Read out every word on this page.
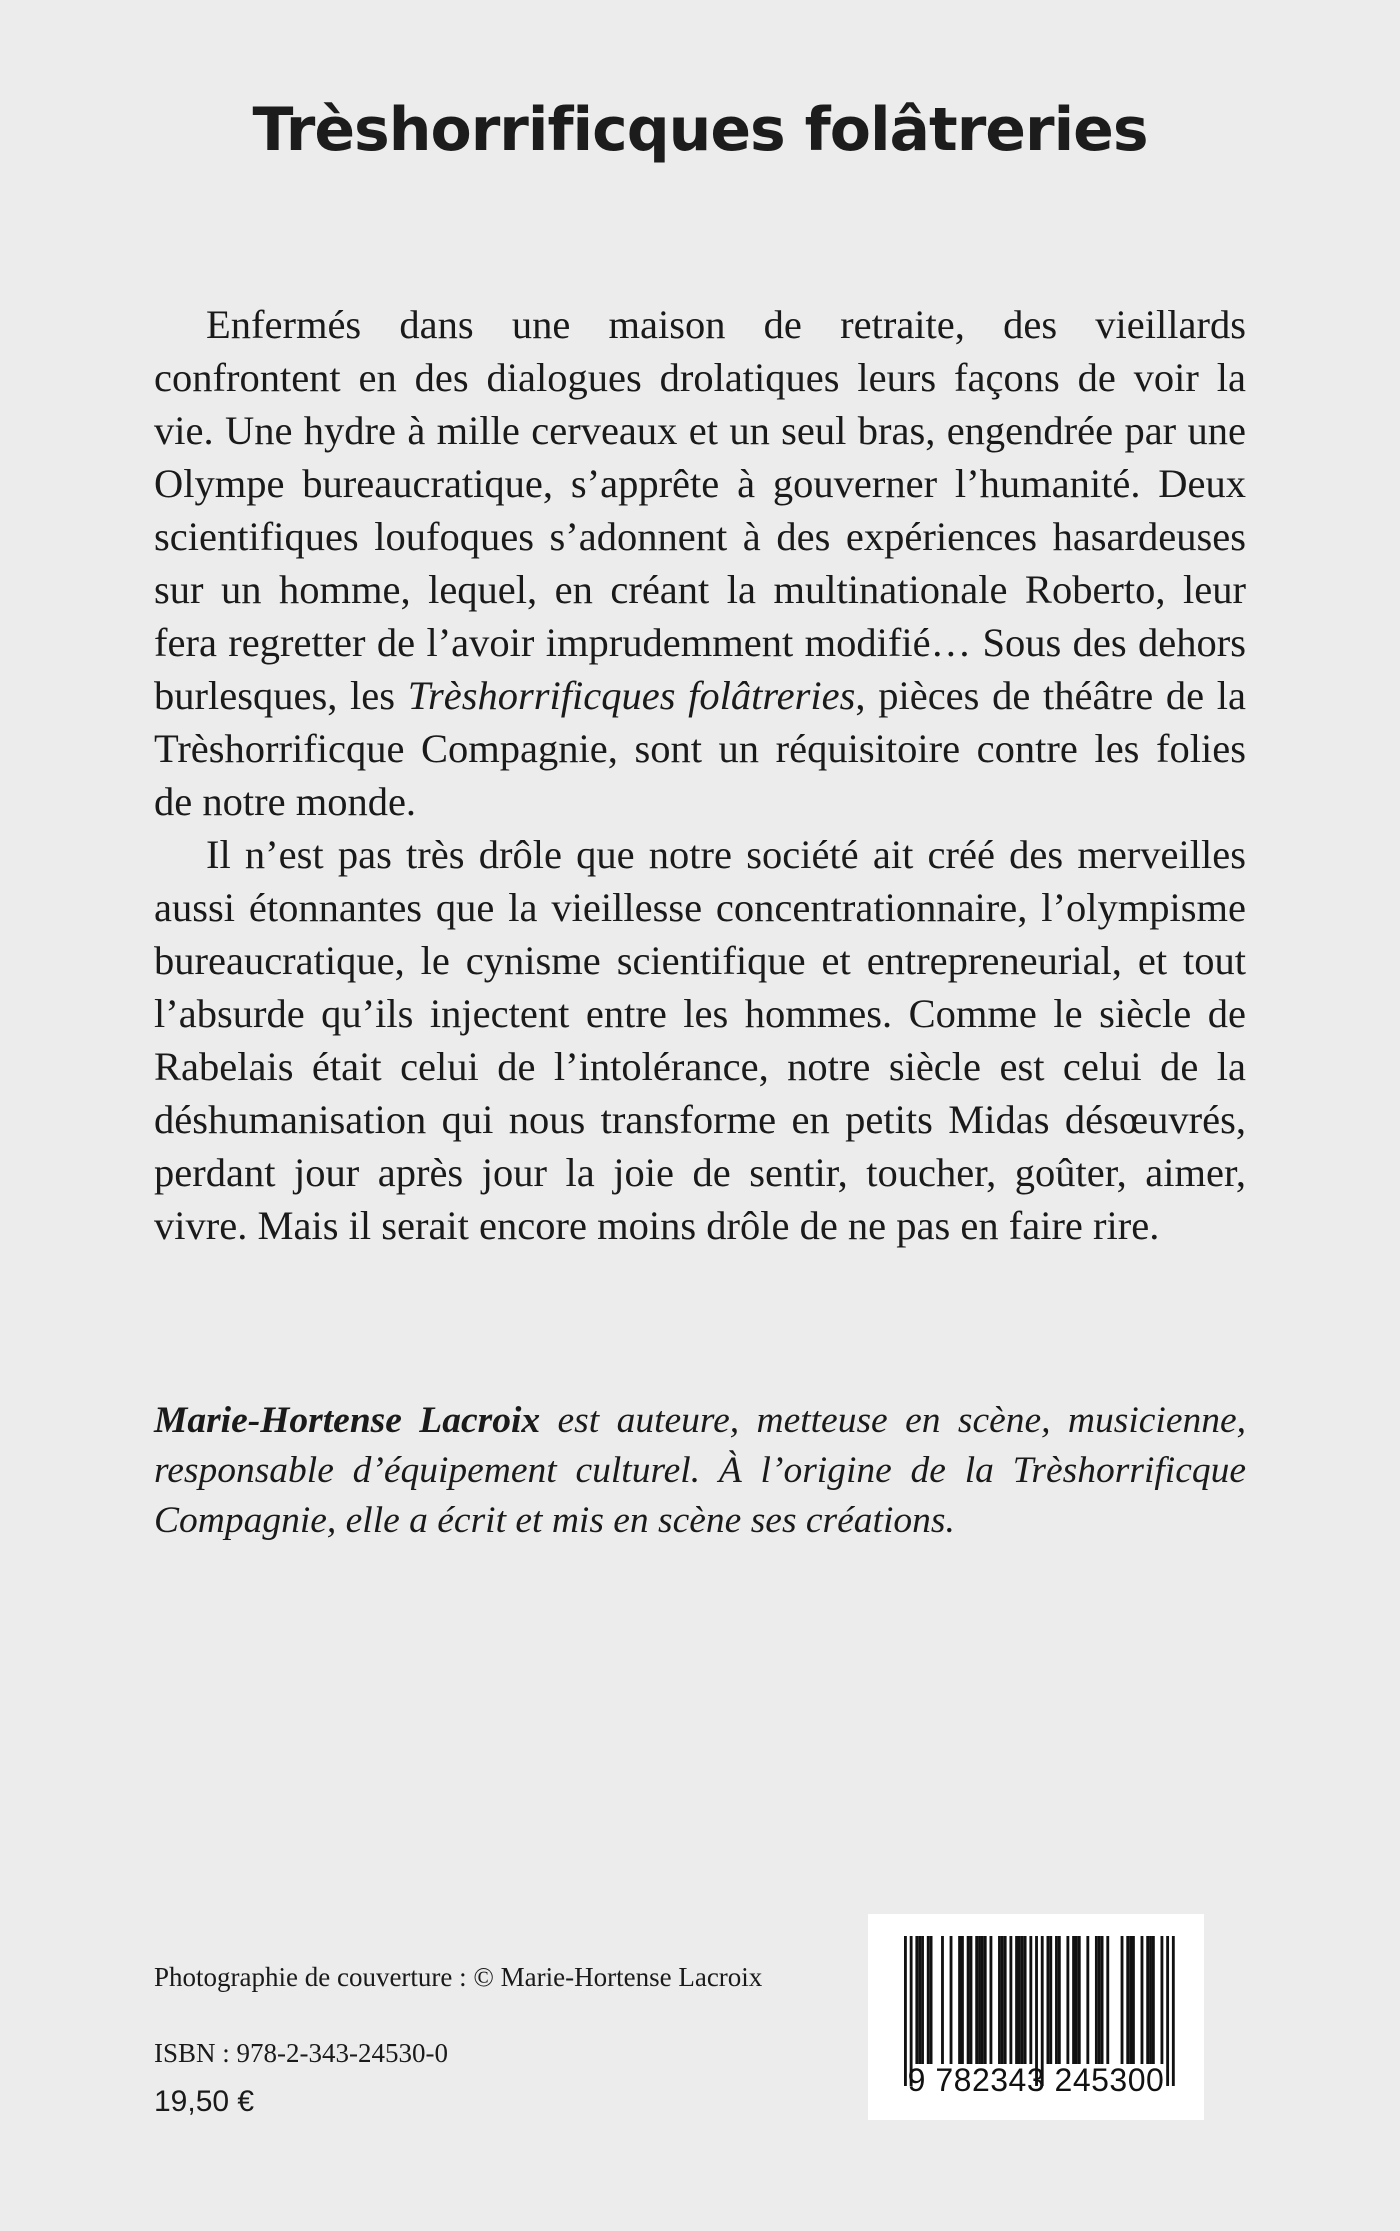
Trèshorrificques folâtreries

Enfermés dans une maison de retraite, des vieillards confrontent en des dialogues drolatiques leurs façons de voir la vie. Une hydre à mille cerveaux et un seul bras, engendrée par une Olympe bureaucratique, s’apprête à gouverner l’humanité. Deux scientifiques loufoques s’adonnent à des expériences hasardeuses sur un homme, lequel, en créant la multinationale Roberto, leur fera regretter de l’avoir imprudemment modifié… Sous des dehors burlesques, les Trèshorrificques folâtreries, pièces de théâtre de la Trèshorrificque Compagnie, sont un réquisitoire contre les folies de notre monde.

Il n’est pas très drôle que notre société ait créé des merveilles aussi étonnantes que la vieillesse concentrationnaire, l’olympisme bureaucratique, le cynisme scientifique et entrepreneurial, et tout l’absurde qu’ils injectent entre les hommes. Comme le siècle de Rabelais était celui de l’intolérance, notre siècle est celui de la déshumanisation qui nous transforme en petits Midas désœuvrés, perdant jour après jour la joie de sentir, toucher, goûter, aimer, vivre. Mais il serait encore moins drôle de ne pas en faire rire.

Marie-Hortense Lacroix est auteure, metteuse en scène, musicienne, responsable d’équipement culturel. À l’origine de la Trèshorrificque Compagnie, elle a écrit et mis en scène ses créations.

Photographie de couverture : © Marie-Hortense Lacroix
ISBN : 978-2-343-24530-0
19,50 €
9 782343 245300
